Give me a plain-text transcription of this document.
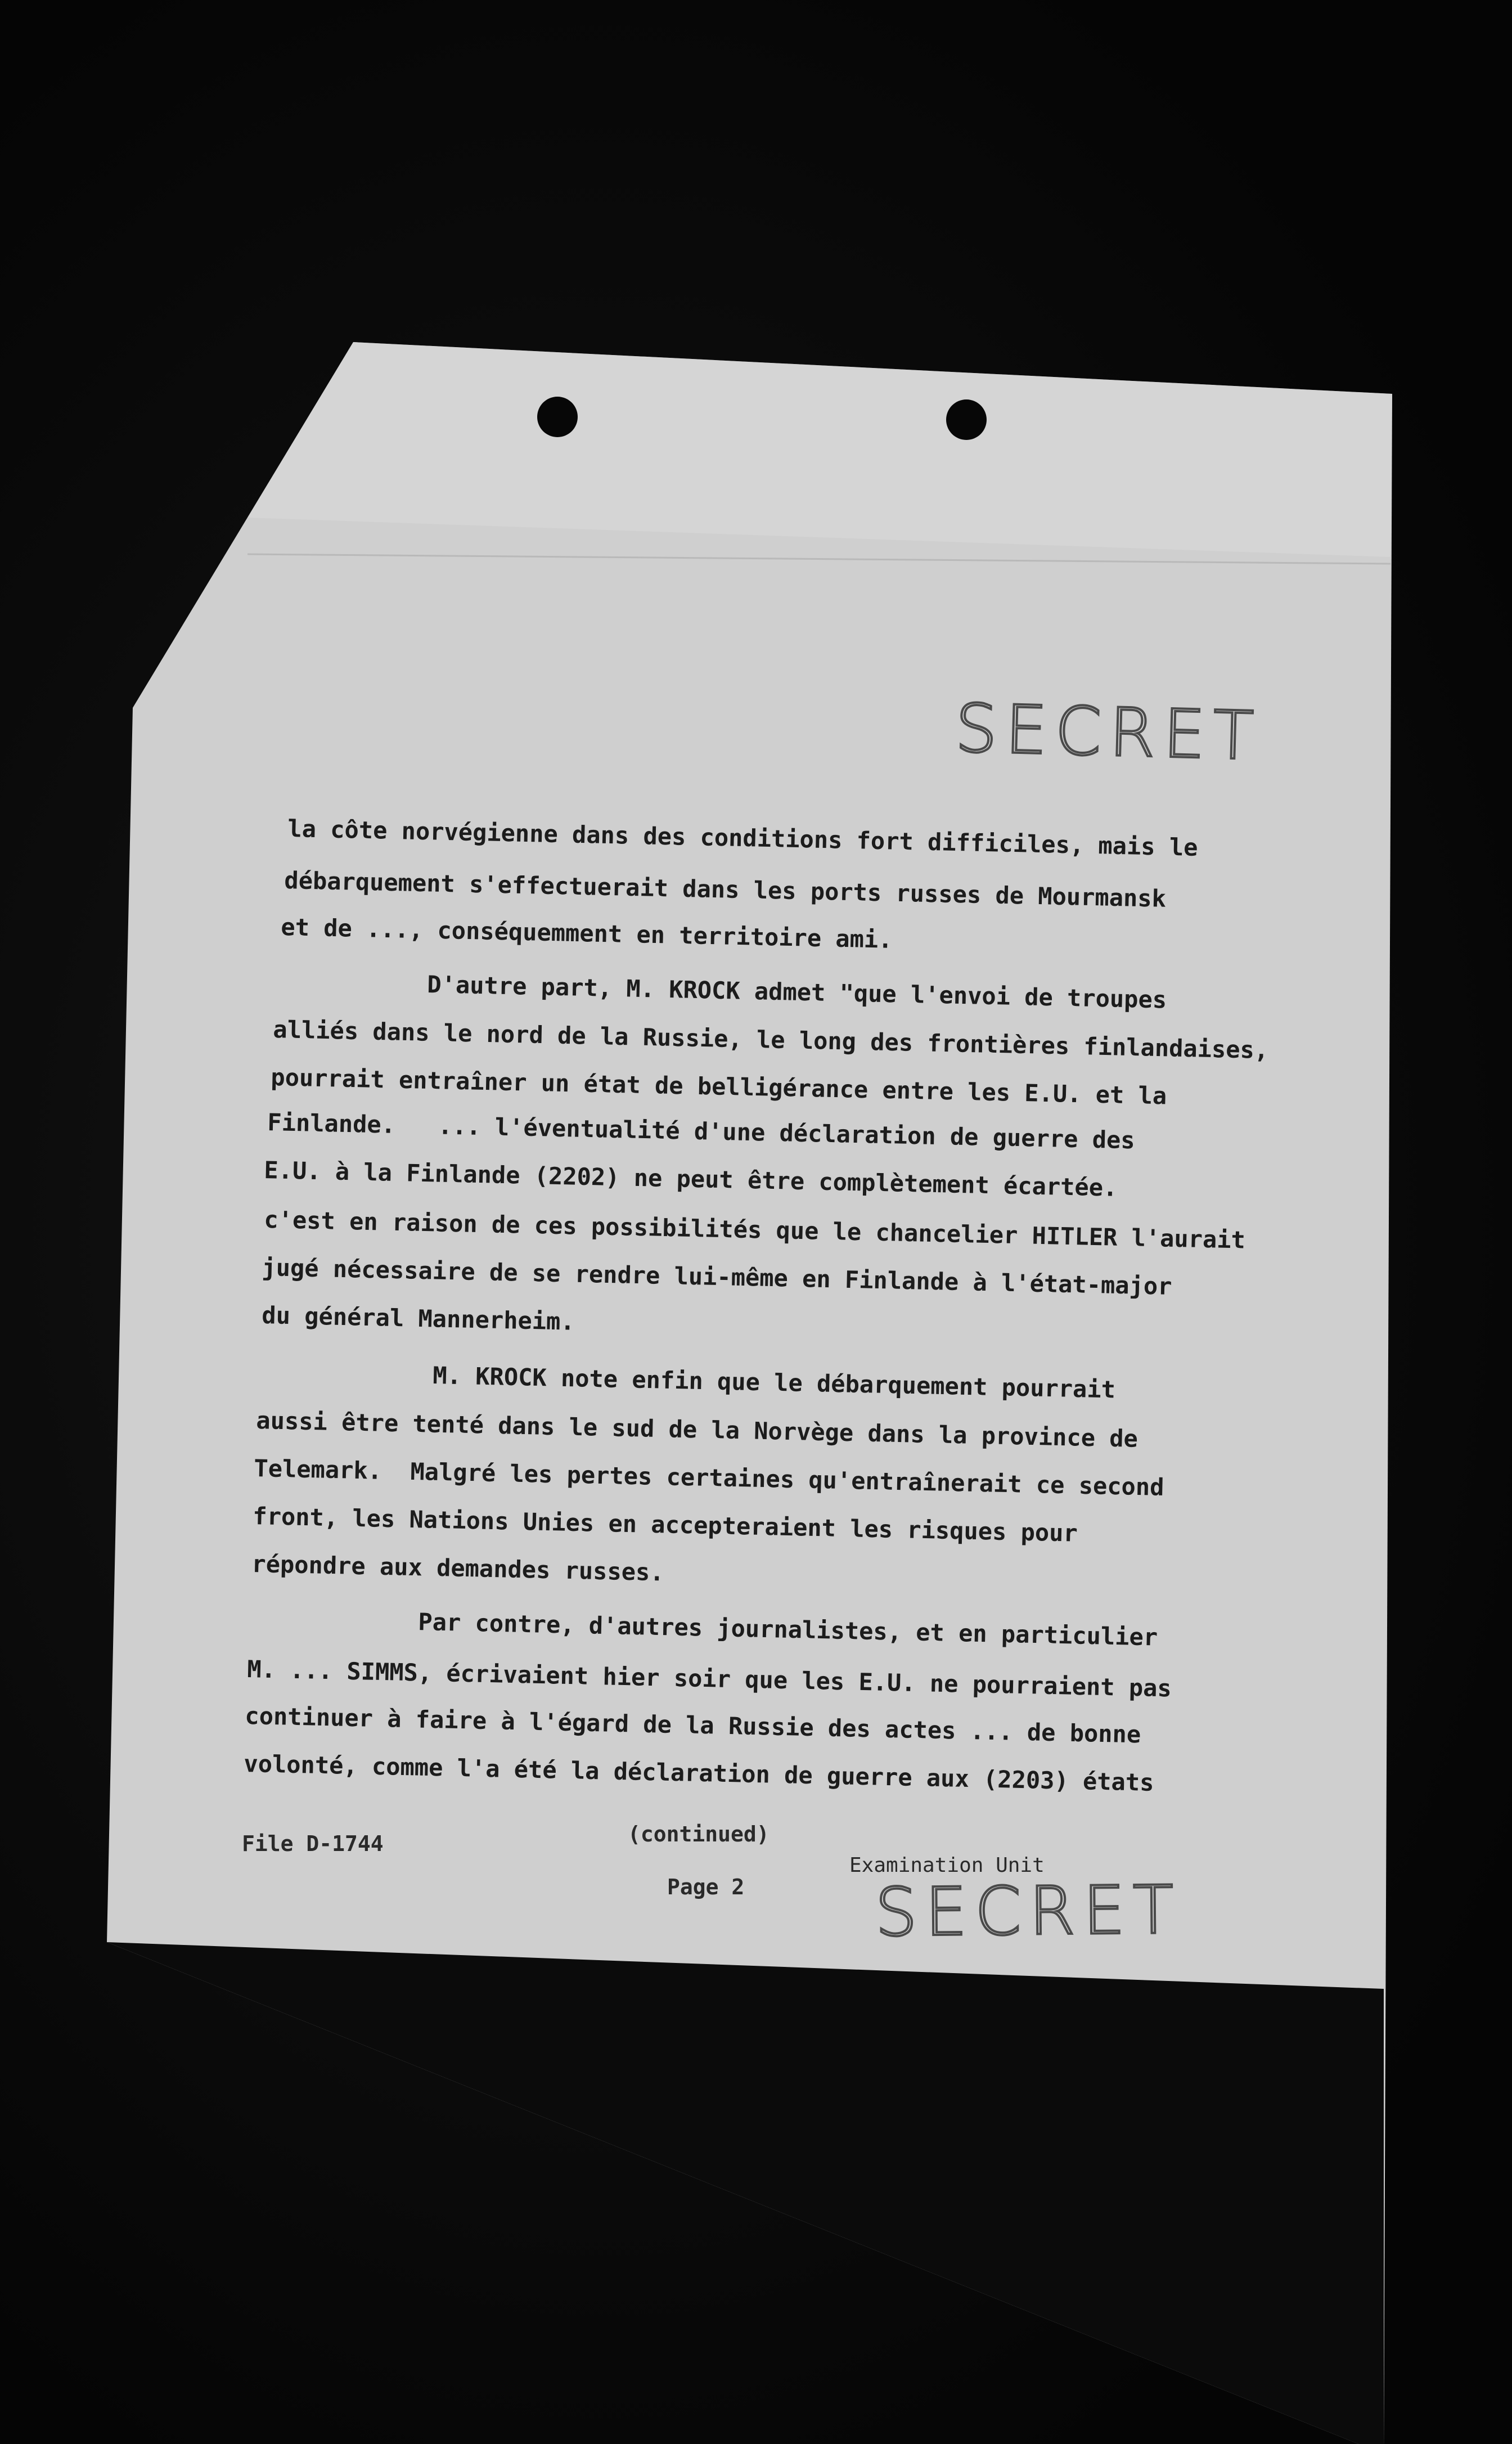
SECRET
la côte norvégienne dans des conditions fort difficiles, mais le
débarquement s'effectuerait dans les ports russes de Mourmansk
et de ..., conséquemment en territoire ami.
D'autre part, M. KROCK admet "que l'envoi de troupes
alliés dans le nord de la Russie, le long des frontières finlandaises,
pourrait entraîner un état de belligérance entre les E.U. et la
Finlande.   ... l'éventualité d'une déclaration de guerre des
E.U. à la Finlande (2202) ne peut être complètement écartée.
c'est en raison de ces possibilités que le chancelier HITLER l'aurait
jugé nécessaire de se rendre lui-même en Finlande à l'état-major
du général Mannerheim.
M. KROCK note enfin que le débarquement pourrait
aussi être tenté dans le sud de la Norvège dans la province de
Telemark.  Malgré les pertes certaines qu'entraînerait ce second
front, les Nations Unies en accepteraient les risques pour
répondre aux demandes russes.
Par contre, d'autres journalistes, et en particulier
M. ... SIMMS, écrivaient hier soir que les E.U. ne pourraient pas
continuer à faire à l'égard de la Russie des actes ... de bonne
volonté, comme l'a été la déclaration de guerre aux (2203) états
File D-1744	(continued)
Page 2
Examination Unit
SECRET
